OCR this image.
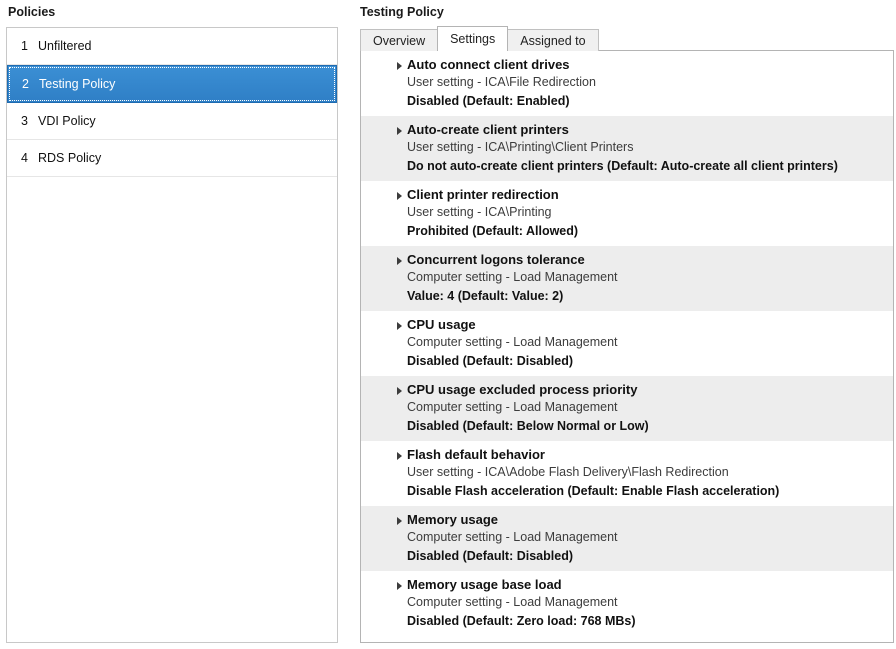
Policies
1 Unfiltered
2 Testing Policy
3 VDI Policy
4 RDS Policy
Testing Policy
Overview	Settings	Assigned to
Auto connect client drives
User setting - ICA\File Redirection
Disabled (Default: Enabled)
Auto-create client printers
User setting - ICA\Printing\Client Printers
Do not auto-create client printers (Default: Auto-create all client printers)
Client printer redirection
User setting - ICA\Printing
Prohibited (Default: Allowed)
Concurrent logons tolerance
Computer setting - Load Management
Value: 4 (Default: Value: 2)
CPU usage
Computer setting - Load Management
Disabled (Default: Disabled)
CPU usage excluded process priority
Computer setting - Load Management
Disabled (Default: Below Normal or Low)
Flash default behavior
User setting - ICA\Adobe Flash Delivery\Flash Redirection
Disable Flash acceleration (Default: Enable Flash acceleration)
Memory usage
Computer setting - Load Management
Disabled (Default: Disabled)
Memory usage base load
Computer setting - Load Management
Disabled (Default: Zero load: 768 MBs)
